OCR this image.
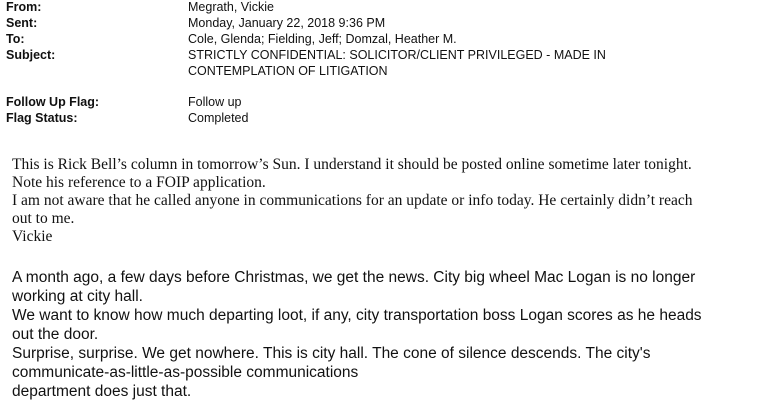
From:	Megrath, Vickie
Sent:	Monday, January 22, 2018 9:36 PM
To:	Cole, Glenda; Fielding, Jeff; Domzal, Heather M.
Subject:	STRICTLY CONFIDENTIAL: SOLICITOR/CLIENT PRIVILEGED - MADE IN
CONTEMPLATION OF LITIGATION
Follow Up Flag:	Follow up
Flag Status:	Completed
This is Rick Bell’s column in tomorrow’s Sun. I understand it should be posted online sometime later tonight.
Note his reference to a FOIP application.
I am not aware that he called anyone in communications for an update or info today. He certainly didn’t reach
out to me.
Vickie
A month ago, a few days before Christmas, we get the news. City big wheel Mac Logan is no longer
working at city hall.
We want to know how much departing loot, if any, city transportation boss Logan scores as he heads
out the door.
Surprise, surprise. We get nowhere. This is city hall. The cone of silence descends. The city's
communicate-as-little-as-possible communications
department does just that.
